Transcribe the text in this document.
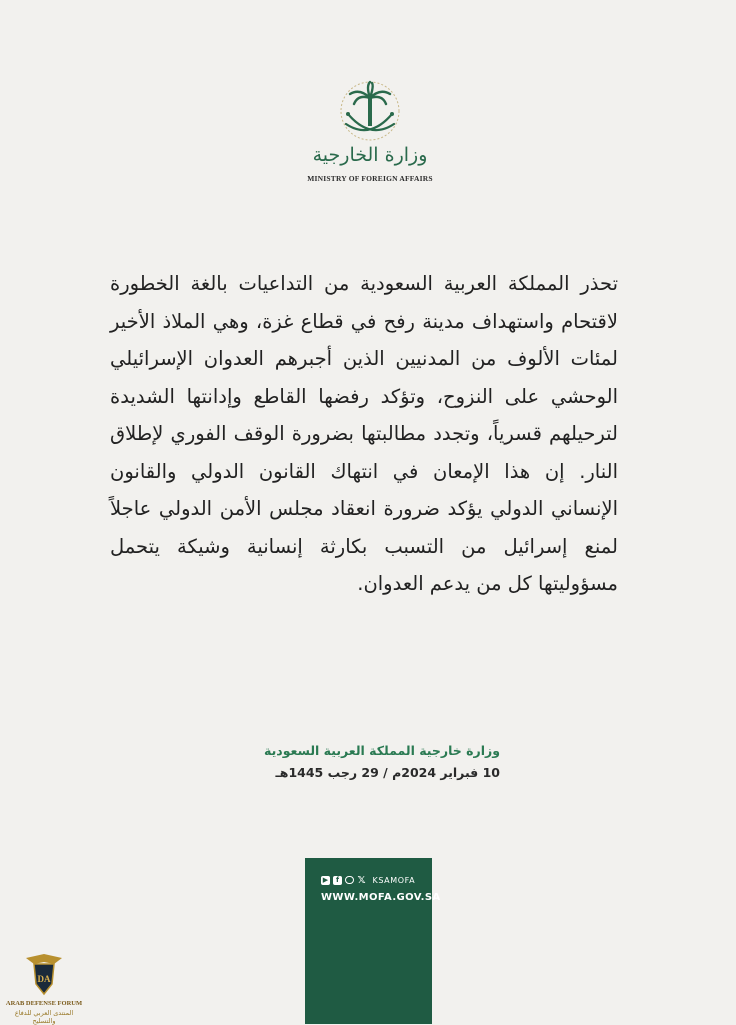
وزارة الخارجية
MINISTRY OF FOREIGN AFFAIRS

تحذر المملكة العربية السعودية من التداعيات بالغة الخطورة لاقتحام واستهداف مدينة رفح في قطاع غزة، وهي الملاذ الأخير لمئات الألوف من المدنيين الذين أجبرهم العدوان الإسرائيلي الوحشي على النزوح، وتؤكد رفضها القاطع وإدانتها الشديدة لترحيلهم قسرياً، وتجدد مطالبتها بضرورة الوقف الفوري لإطلاق النار. إن هذا الإمعان في انتهاك القانون الدولي والقانون الإنساني الدولي يؤكد ضرورة انعقاد مجلس الأمن الدولي عاجلاً لمنع إسرائيل من التسبب بكارثة إنسانية وشيكة يتحمل مسؤوليتها كل من يدعم العدوان.

وزارة خارجية المملكة العربية السعودية
10 فبراير 2024م / 29 رجب 1445هـ
▶	f 𝕏 KSAMOFA
WWW.MOFA.GOV.SA
DA
ARAB DEFENSE FORUM
المنتدى العربي للدفاع والتسليح
